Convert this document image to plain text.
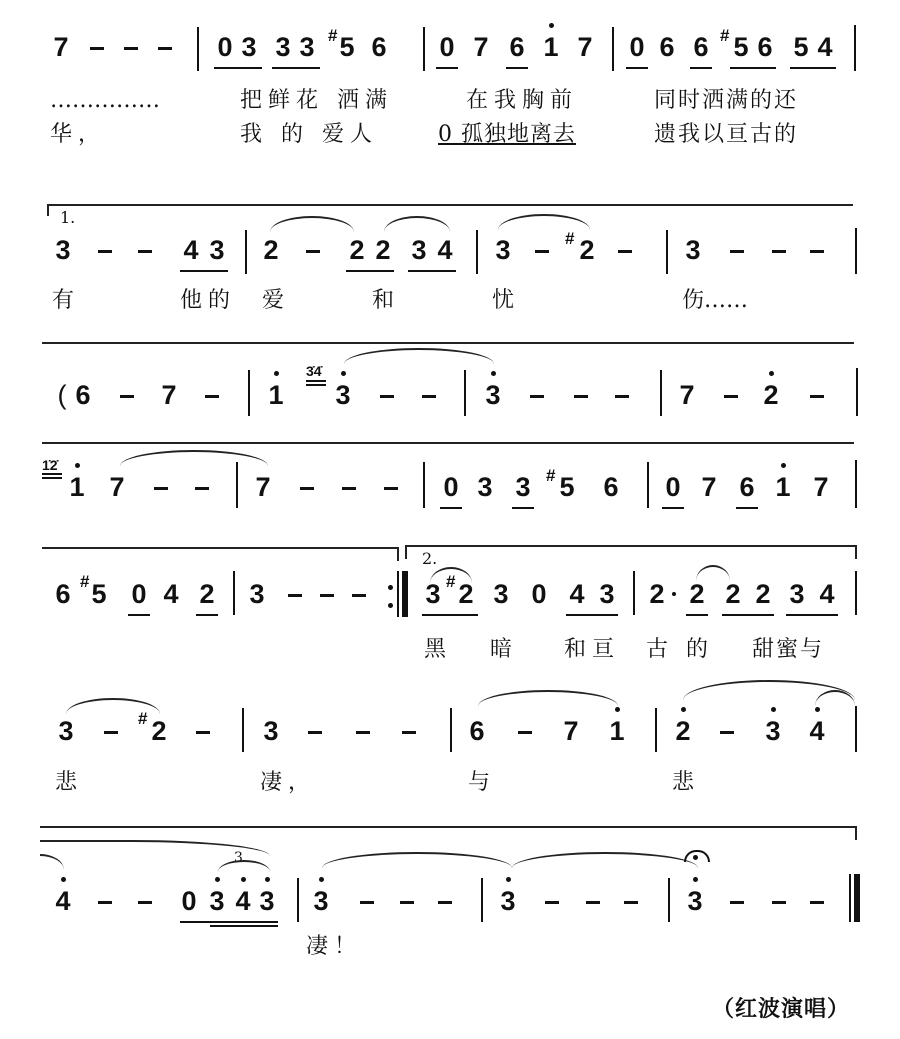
7	0 3 3 3 # 5 6 0 7 6 1 7 0 6 6 # 5 6 5 4
……………	把鲜花 洒满	在我胸前	同时洒满的还
华，	我 的 爱人	0 孤独地离去	遗我以亘古的
1.
3	4 3 2	2 2 3 4 3	# 2	3
有	他的 爱	和	忧	伤……
( 6	7	1
3̇4̇
3	3	7	2
1̇2̇
1 7	7	0 3 3 # 5 6 0 7 6 1 7
2.
6 # 5 0 4 2 3	3 # 2 3 0 4 3 2 2 2 2 3 4
黑 暗 和亘 古 的 甜蜜与
3	# 2	3	6	7 1 2	3 4
悲	凄，	与	悲
3
4	0 3 4 3 3	3	3
凄！
（红波演唱）
